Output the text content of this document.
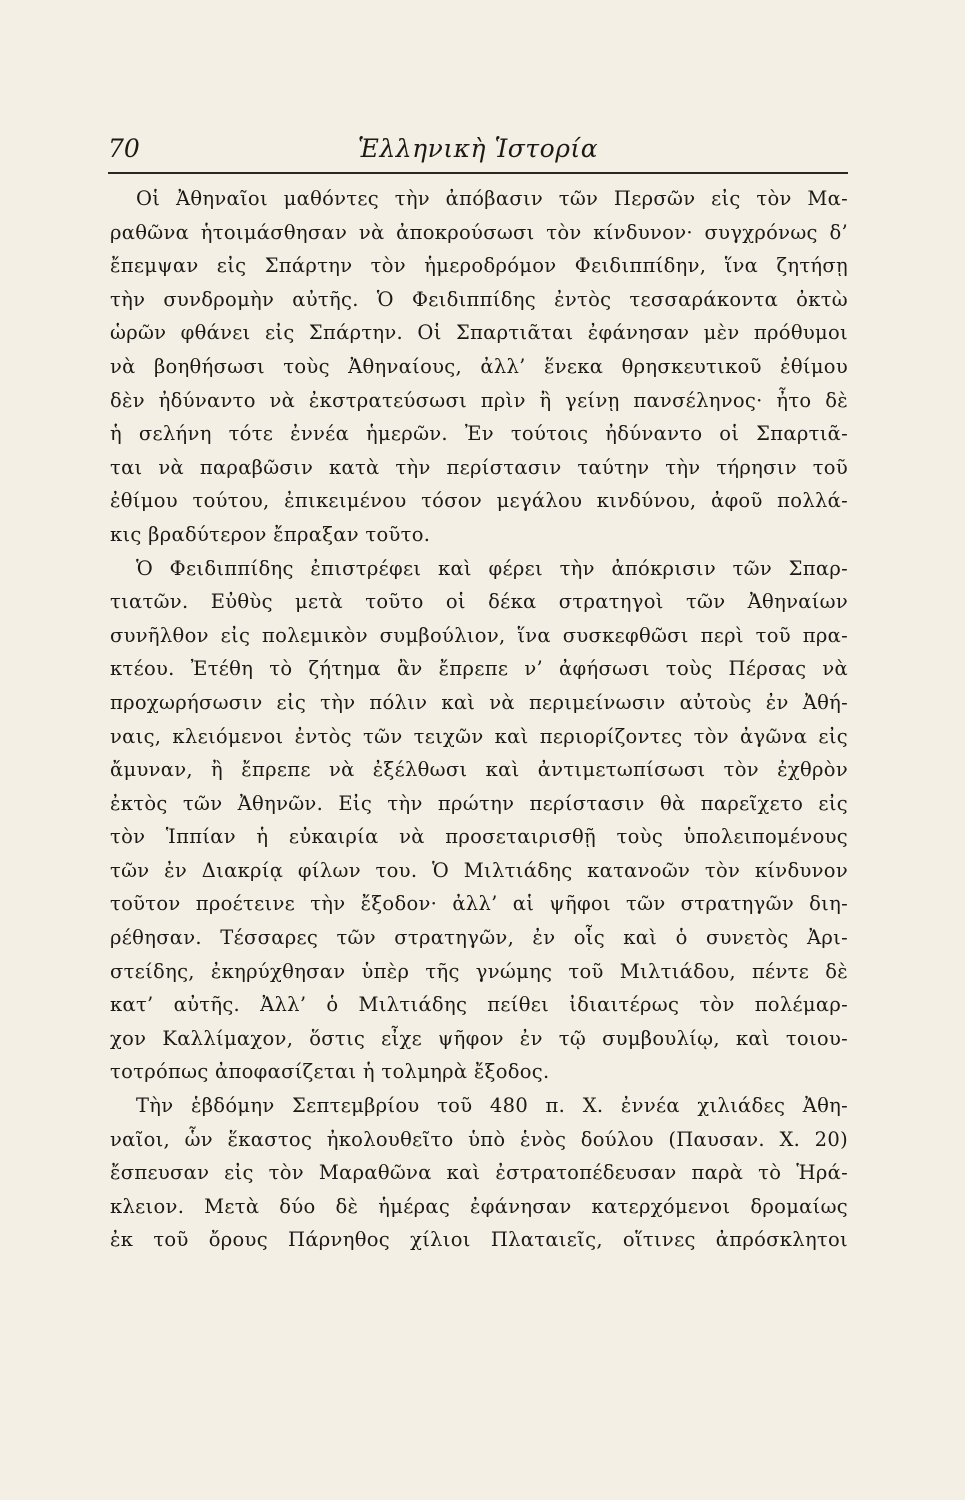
70	Ἑλληνικὴ Ἱστορία
Οἱ Ἀθηναῖοι μαθόντες τὴν ἀπόβασιν τῶν Περσῶν εἰς τὸν Μα-
ραθῶνα ἡτοιμάσθησαν νὰ ἀποκρούσωσι τὸν κίνδυνον· συγχρόνως δ’
ἔπεμψαν εἰς Σπάρτην τὸν ἡμεροδρόμον Φειδιππίδην, ἵνα ζητήσῃ
τὴν συνδρομὴν αὐτῆς. Ὁ Φειδιππίδης ἐντὸς τεσσαράκοντα ὀκτὼ
ὡρῶν φθάνει εἰς Σπάρτην. Οἱ Σπαρτιᾶται ἐφάνησαν μὲν πρόθυμοι
νὰ βοηθήσωσι τοὺς Ἀθηναίους, ἀλλ’ ἕνεκα θρησκευτικοῦ ἐθίμου
δὲν ἠδύναντο νὰ ἐκστρατεύσωσι πρὶν ἢ γείνῃ πανσέληνος· ἦτο δὲ
ἡ σελήνη τότε ἐννέα ἡμερῶν. Ἐν τούτοις ἠδύναντο οἱ Σπαρτιᾶ-
ται νὰ παραβῶσιν κατὰ τὴν περίστασιν ταύτην τὴν τήρησιν τοῦ
ἐθίμου τούτου, ἐπικειμένου τόσον μεγάλου κινδύνου, ἀφοῦ πολλά-
κις βραδύτερον ἔπραξαν τοῦτο.
Ὁ Φειδιππίδης ἐπιστρέφει καὶ φέρει τὴν ἀπόκρισιν τῶν Σπαρ-
τιατῶν. Εὐθὺς μετὰ τοῦτο οἱ δέκα στρατηγοὶ τῶν Ἀθηναίων
συνῆλθον εἰς πολεμικὸν συμβούλιον, ἵνα συσκεφθῶσι περὶ τοῦ πρα-
κτέου. Ἐτέθη τὸ ζήτημα ἂν ἔπρεπε ν’ ἀφήσωσι τοὺς Πέρσας νὰ
προχωρήσωσιν εἰς τὴν πόλιν καὶ νὰ περιμείνωσιν αὐτοὺς ἐν Ἀθή-
ναις, κλειόμενοι ἐντὸς τῶν τειχῶν καὶ περιορίζοντες τὸν ἀγῶνα εἰς
ἄμυναν, ἢ ἔπρεπε νὰ ἐξέλθωσι καὶ ἀντιμετωπίσωσι τὸν ἐχθρὸν
ἐκτὸς τῶν Ἀθηνῶν. Εἰς τὴν πρώτην περίστασιν θὰ παρεῖχετο εἰς
τὸν Ἱππίαν ἡ εὐκαιρία νὰ προσεταιρισθῇ τοὺς ὑπολειπομένους
τῶν ἐν Διακρίᾳ φίλων του. Ὁ Μιλτιάδης κατανοῶν τὸν κίνδυνον
τοῦτον προέτεινε τὴν ἔξοδον· ἀλλ’ αἱ ψῆφοι τῶν στρατηγῶν διη-
ρέθησαν. Τέσσαρες τῶν στρατηγῶν, ἐν οἷς καὶ ὁ συνετὸς Ἀρι-
στείδης, ἐκηρύχθησαν ὑπὲρ τῆς γνώμης τοῦ Μιλτιάδου, πέντε δὲ
κατ’ αὐτῆς. Ἀλλ’ ὁ Μιλτιάδης πείθει ἰδιαιτέρως τὸν πολέμαρ-
χον Καλλίμαχον, ὅστις εἶχε ψῆφον ἐν τῷ συμβουλίῳ, καὶ τοιου-
τοτρόπως ἀποφασίζεται ἡ τολμηρὰ ἔξοδος.
Τὴν ἑβδόμην Σεπτεμβρίου τοῦ 480 π. Χ. ἐννέα χιλιάδες Ἀθη-
ναῖοι, ὧν ἕκαστος ἠκολουθεῖτο ὑπὸ ἑνὸς δούλου (Παυσαν. Χ. 20)
ἔσπευσαν εἰς τὸν Μαραθῶνα καὶ ἐστρατοπέδευσαν παρὰ τὸ Ἡρά-
κλειον. Μετὰ δύο δὲ ἡμέρας ἐφάνησαν κατερχόμενοι δρομαίως
ἐκ τοῦ ὄρους Πάρνηθος χίλιοι Πλαταιεῖς, οἵτινες ἀπρόσκλητοι
